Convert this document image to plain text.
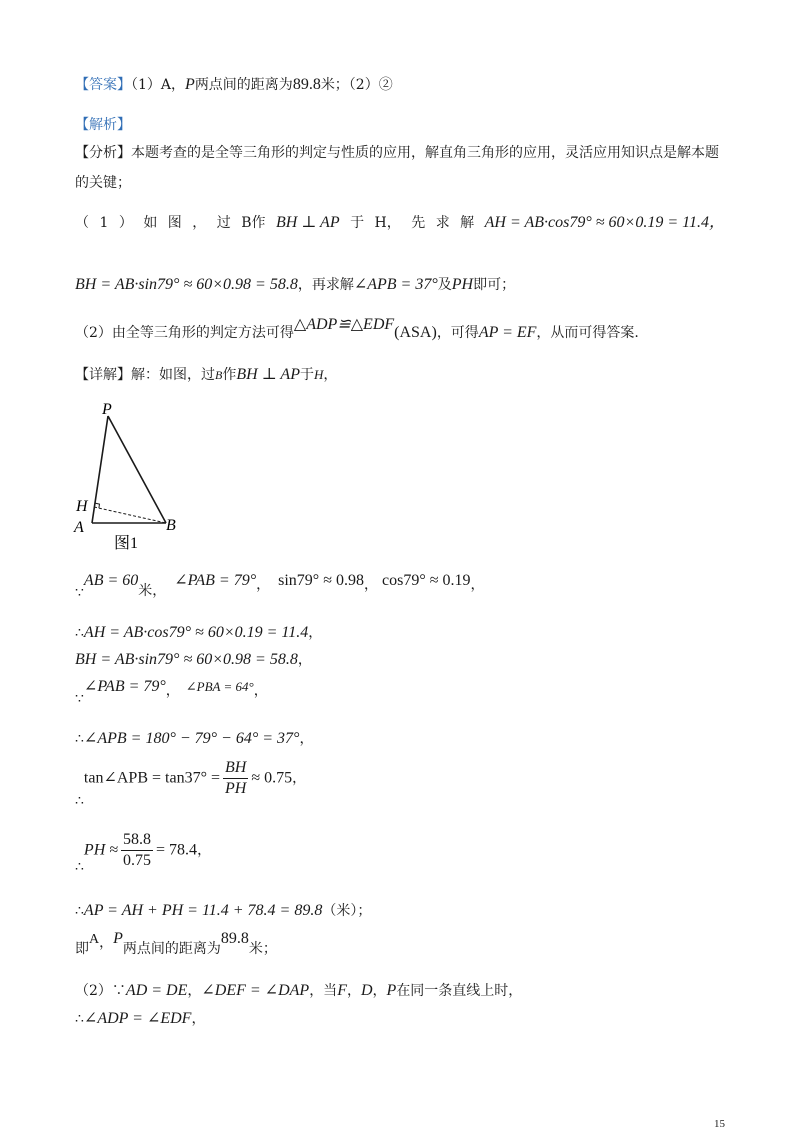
【答案】（1）A，P两点间的距离为89.8米；（2）②
【解析】
【分析】本题考查的是全等三角形的判定与性质的应用，解直角三角形的应用，灵活应用知识点是解本题
的关键；
（ 1 ） 如 图 ， 过 B作 BH ⊥ AP 于 H， 先 求 解 AH = AB·cos79° ≈ 60×0.19 = 11.4，
BH = AB·sin79° ≈ 60×0.98 = 58.8，再求解∠APB = 37°及PH即可；
（2）由全等三角形的判定方法可得△ADP≌△EDF(ASA)，可得AP = EF，从而可得答案.
【详解】解：如图，过B作BH ⊥ AP于H，
P
H
A	B
图1
∵AB = 60米，∠PAB = 79°， sin79° ≈ 0.98， cos79° ≈ 0.19，
∴AH = AB·cos79° ≈ 60×0.19 = 11.4，
BH = AB·sin79° ≈ 60×0.98 = 58.8，
∵∠PAB = 79°， ∠PBA = 64°，
∴∠APB = 180° − 79° − 64° = 37°，
∴tan∠APB = $\tan 37^\circ = \frac{BH}{PH} \approx 0.75$，
∴PH ≈ $\frac{58.8}{0.75} = 78.4$，
∴AP = AH + PH = 11.4 + 78.4 = 89.8（米）；
即A，P两点间的距离为89.8米；
（2）∵AD = DE，∠DEF = ∠DAP，当F，D，P在同一条直线上时，
∴∠ADP = ∠EDF，
15
